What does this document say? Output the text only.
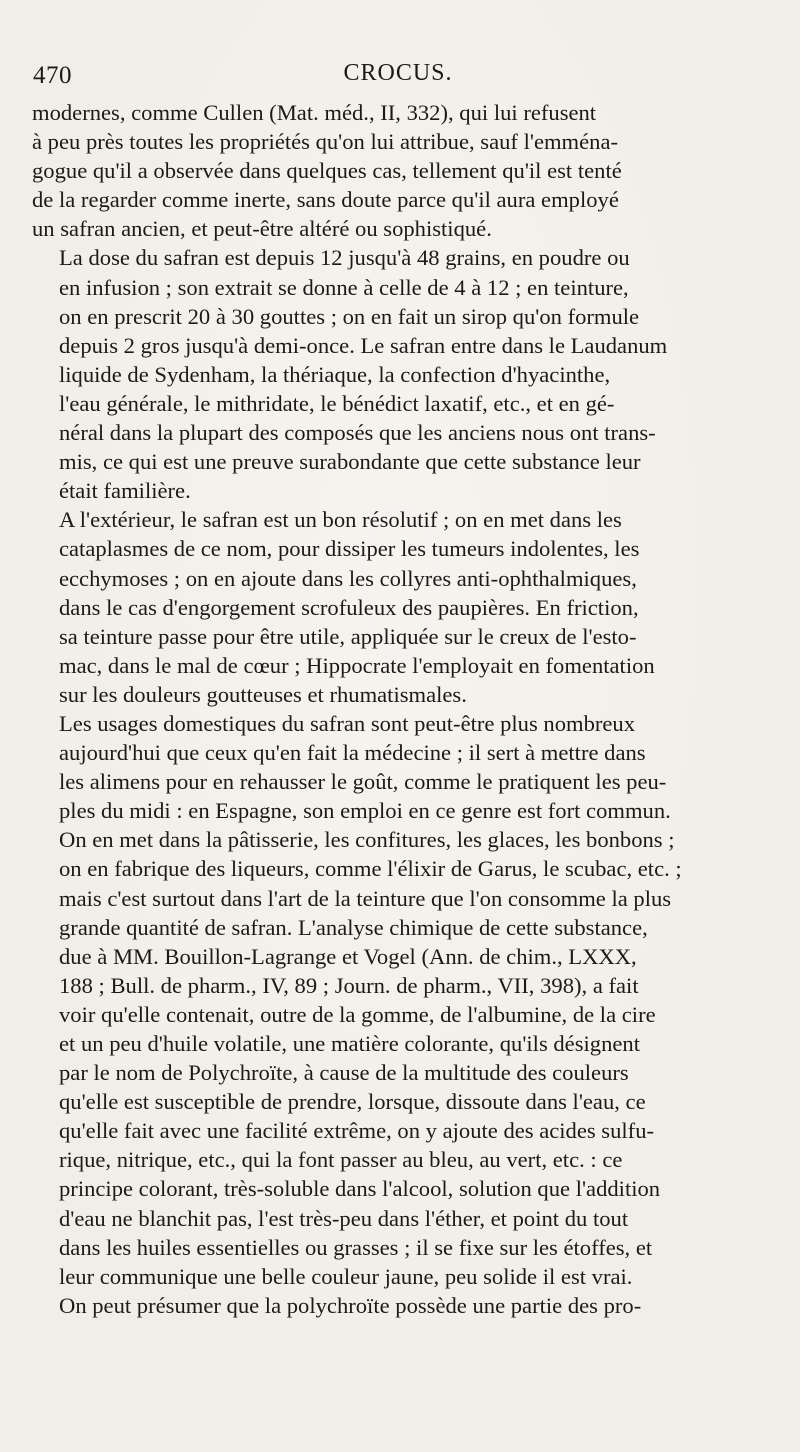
470	CROCUS.

modernes, comme Cullen (Mat. méd., II, 332), qui lui refusent
à peu près toutes les propriétés qu'on lui attribue, sauf l'emména-
gogue qu'il a observée dans quelques cas, tellement qu'il est tenté
de la regarder comme inerte, sans doute parce qu'il aura employé
un safran ancien, et peut-être altéré ou sophistiqué.

La dose du safran est depuis 12 jusqu'à 48 grains, en poudre ou
en infusion ; son extrait se donne à celle de 4 à 12 ; en teinture,
on en prescrit 20 à 30 gouttes ; on en fait un sirop qu'on formule
depuis 2 gros jusqu'à demi-once. Le safran entre dans le Laudanum
liquide de Sydenham, la thériaque, la confection d'hyacinthe,
l'eau générale, le mithridate, le bénédict laxatif, etc., et en gé-
néral dans la plupart des composés que les anciens nous ont trans-
mis, ce qui est une preuve surabondante que cette substance leur
était familière.

A l'extérieur, le safran est un bon résolutif ; on en met dans les
cataplasmes de ce nom, pour dissiper les tumeurs indolentes, les
ecchymoses ; on en ajoute dans les collyres anti-ophthalmiques,
dans le cas d'engorgement scrofuleux des paupières. En friction,
sa teinture passe pour être utile, appliquée sur le creux de l'esto-
mac, dans le mal de cœur ; Hippocrate l'employait en fomentation
sur les douleurs goutteuses et rhumatismales.

Les usages domestiques du safran sont peut-être plus nombreux
aujourd'hui que ceux qu'en fait la médecine ; il sert à mettre dans
les alimens pour en rehausser le goût, comme le pratiquent les peu-
ples du midi : en Espagne, son emploi en ce genre est fort commun.
On en met dans la pâtisserie, les confitures, les glaces, les bonbons ;
on en fabrique des liqueurs, comme l'élixir de Garus, le scubac, etc. ;
mais c'est surtout dans l'art de la teinture que l'on consomme la plus
grande quantité de safran. L'analyse chimique de cette substance,
due à MM. Bouillon-Lagrange et Vogel (Ann. de chim., LXXX,
188 ; Bull. de pharm., IV, 89 ; Journ. de pharm., VII, 398), a fait
voir qu'elle contenait, outre de la gomme, de l'albumine, de la cire
et un peu d'huile volatile, une matière colorante, qu'ils désignent
par le nom de Polychroïte, à cause de la multitude des couleurs
qu'elle est susceptible de prendre, lorsque, dissoute dans l'eau, ce
qu'elle fait avec une facilité extrême, on y ajoute des acides sulfu-
rique, nitrique, etc., qui la font passer au bleu, au vert, etc. : ce
principe colorant, très-soluble dans l'alcool, solution que l'addition
d'eau ne blanchit pas, l'est très-peu dans l'éther, et point du tout
dans les huiles essentielles ou grasses ; il se fixe sur les étoffes, et
leur communique une belle couleur jaune, peu solide il est vrai.
On peut présumer que la polychroïte possède une partie des pro-
